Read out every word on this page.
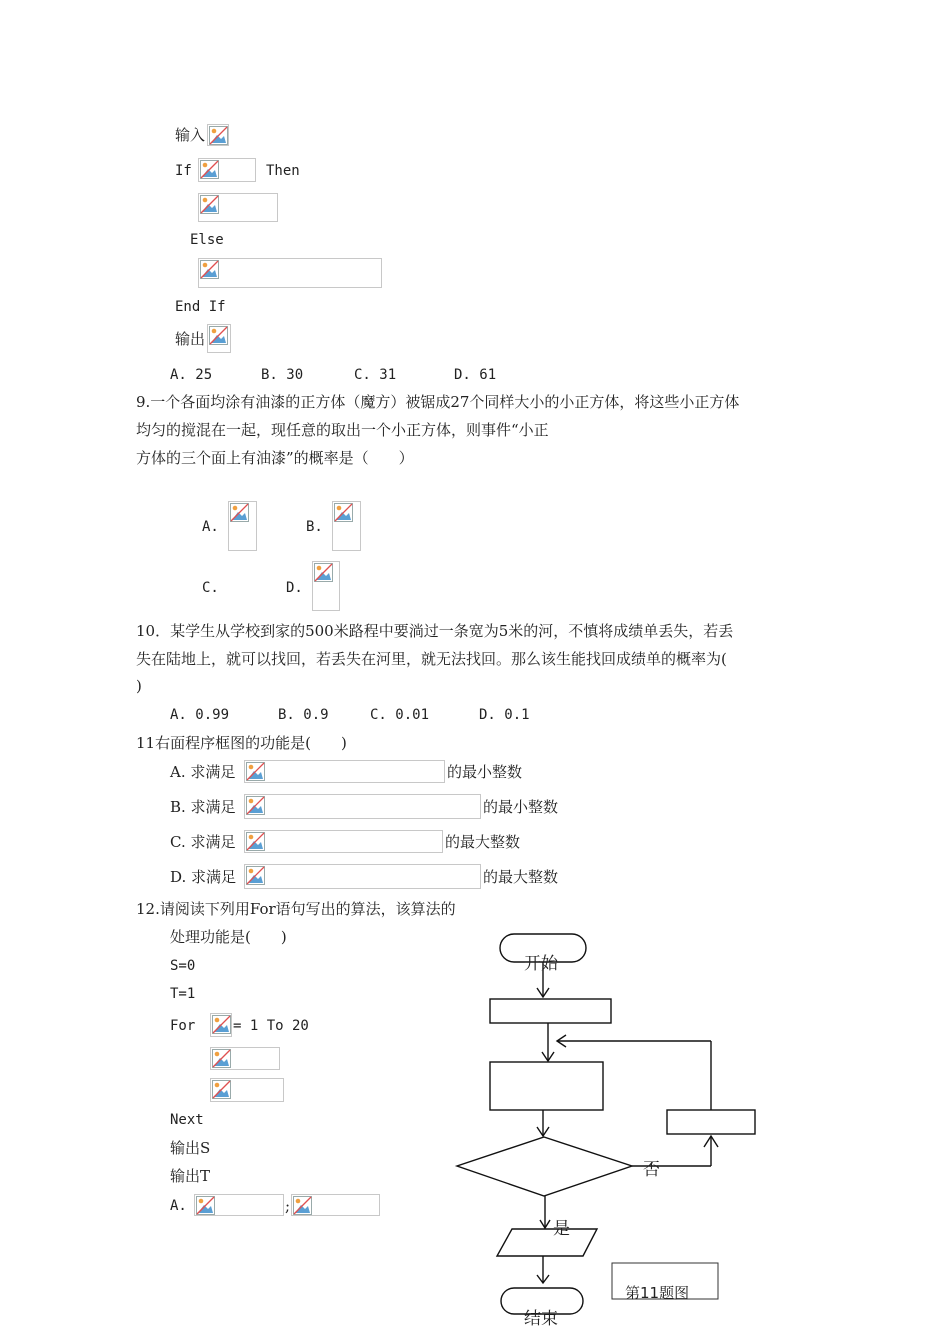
输入
If	Then
Else
End If
输出
A. 25	B. 30	C. 31	D. 61
9.一个各面均涂有油漆的正方体（魔方）被锯成27个同样大小的小正方体，将这些小正方体
均匀的搅混在一起，现任意的取出一个小正方体，则事件“小正
方体的三个面上有油漆”的概率是（　　）
A.	B.
C.	D.
10．某学生从学校到家的500米路程中要淌过一条宽为5米的河，不慎将成绩单丢失，若丢
失在陆地上，就可以找回，若丢失在河里，就无法找回。那么该生能找回成绩单的概率为(
)
A. 0.99	B. 0.9	C. 0.01	D. 0.1
11右面程序框图的功能是(　　)
A. 求满足	的最小整数
B. 求满足	的最小整数
C. 求满足	的最大整数
D. 求满足	的最大整数
12.请阅读下列用For语句写出的算法，该算法的
处理功能是(　　)
S=0
T=1
For	= 1 To 20
Next
输出S
输出T
A.	;
开始
否
是
结束
第11题图
